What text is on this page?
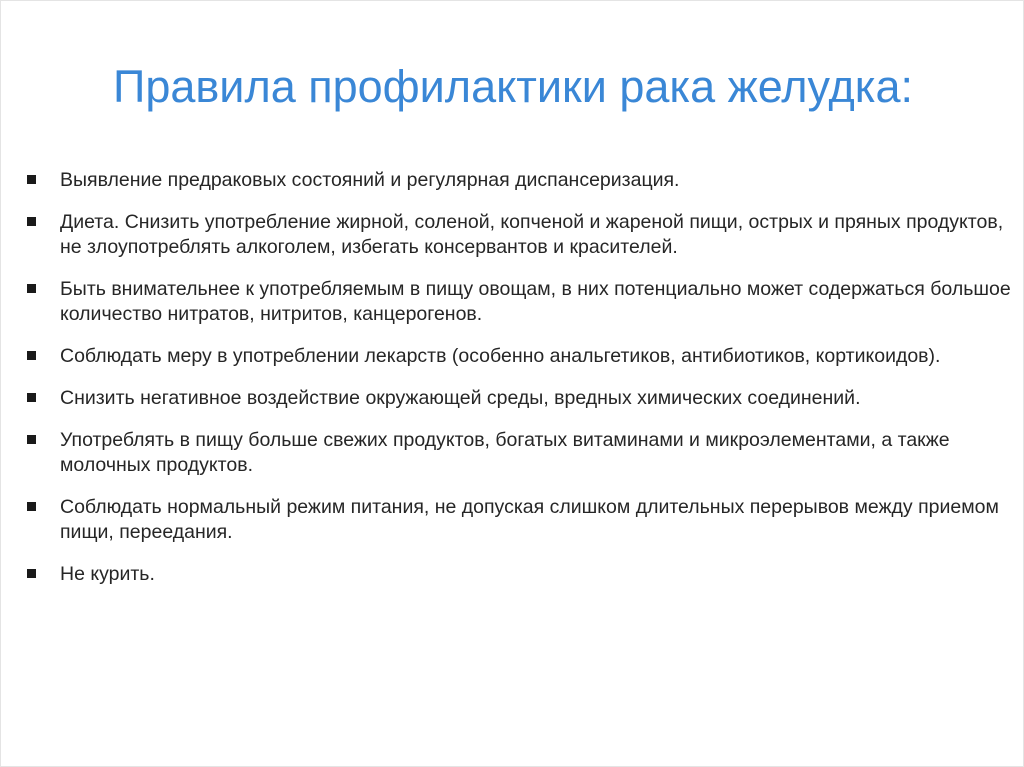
Правила профилактики рака желудка:
Выявление предраковых состояний и регулярная диспансеризация.
Диета. Снизить употребление жирной, соленой, копченой и жареной пищи, острых и пряных продуктов, не злоупотреблять алкоголем, избегать консервантов и красителей.
Быть внимательнее к употребляемым в пищу овощам, в них потенциально может содержаться большое количество нитратов, нитритов, канцерогенов.
Соблюдать меру в употреблении лекарств (особенно анальгетиков, антибиотиков, кортикоидов).
Снизить негативное воздействие окружающей среды, вредных химических соединений.
Употреблять в пищу больше свежих продуктов, богатых витаминами и микроэлементами, а также молочных продуктов.
Соблюдать нормальный режим питания, не допуская слишком длительных перерывов между приемом пищи, переедания.
Не курить.
